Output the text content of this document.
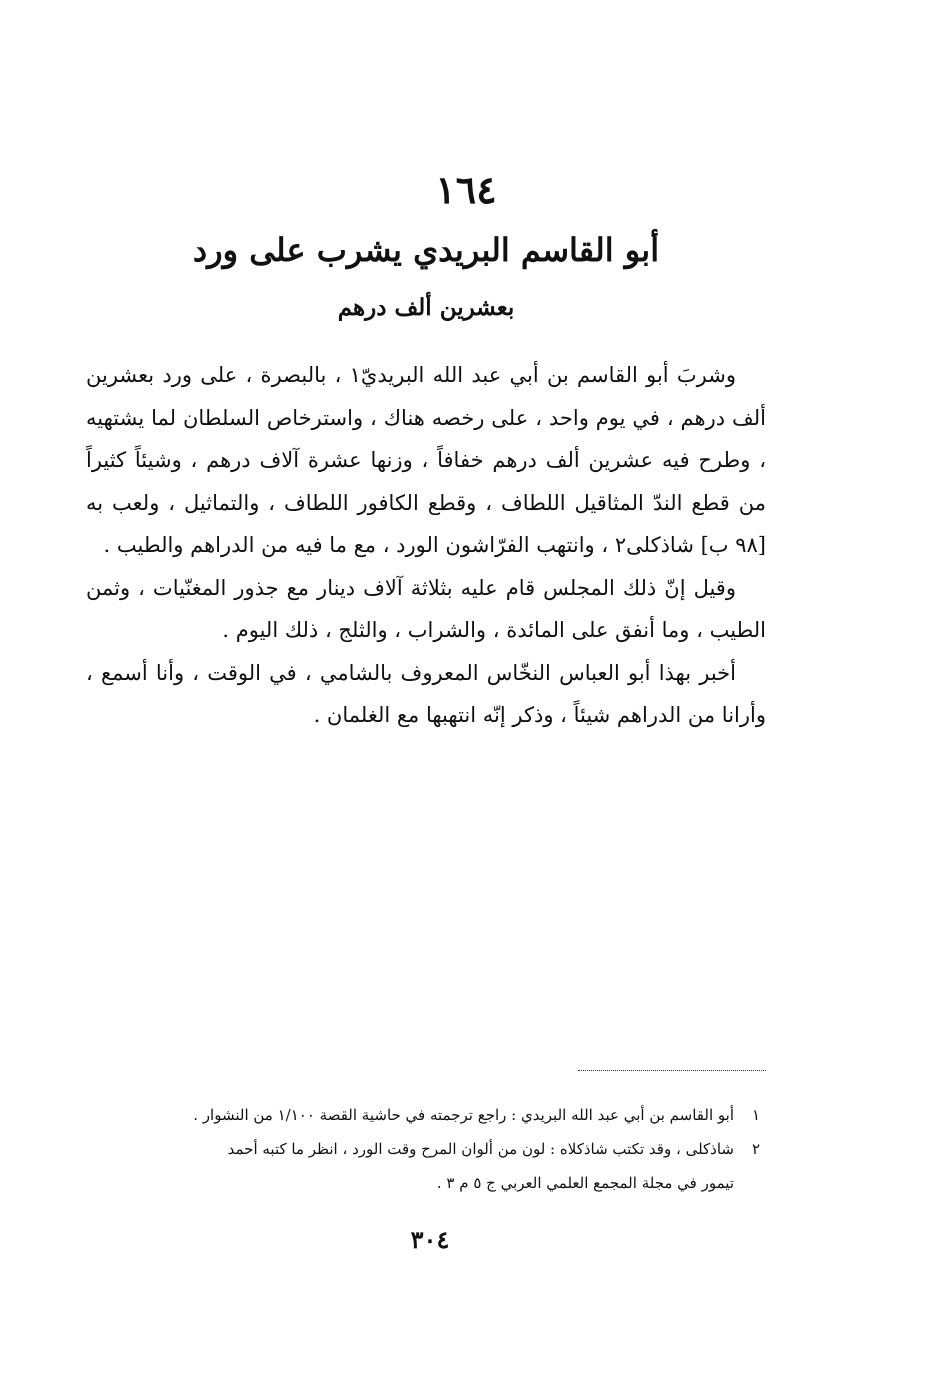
١٦٤
أبو القاسم البريدي يشرب على ورد
بعشرين ألف درهم

وشربَ أبو القاسم بن أبي عبد الله البريديّ١ ، بالبصرة ، على ورد بعشرين ألف درهم ، في يوم واحد ، على رخصه هناك ، واسترخاص السلطان لما يشتهيه ، وطرح فيه عشرين ألف درهم خفافاً ، وزنها عشرة آلاف درهم ، وشيئاً كثيراً من قطع الندّ المثاقيل اللطاف ، وقطع الكافور اللطاف ، والتماثيل ، ولعب به [٩٨ ب] شاذكلى٢ ، وانتهب الفرّاشون الورد ، مع ما فيه من الدراهم والطيب .

وقيل إنّ ذلك المجلس قام عليه بثلاثة آلاف دينار مع جذور المغنّيات ، وثمن الطيب ، وما أنفق على المائدة ، والشراب ، والثلج ، ذلك اليوم .

أخبر بهذا أبو العباس النخّاس المعروف بالشامي ، في الوقت ، وأنا أسمع ، وأرانا من الدراهم شيئاً ، وذكر إنّه انتهبها مع الغلمان .

١أبو القاسم بن أبي عبد الله البريدي : راجع ترجمته في حاشية القصة ١/١٠٠ من النشوار .
٢شاذكلى ، وقد تكتب شاذكلاه : لون من ألوان المرح وقت الورد ، انظر ما كتبه أحمد
تيمور في مجلة المجمع العلمي العربي ج ٥ م ٣ .
٣٠٤
